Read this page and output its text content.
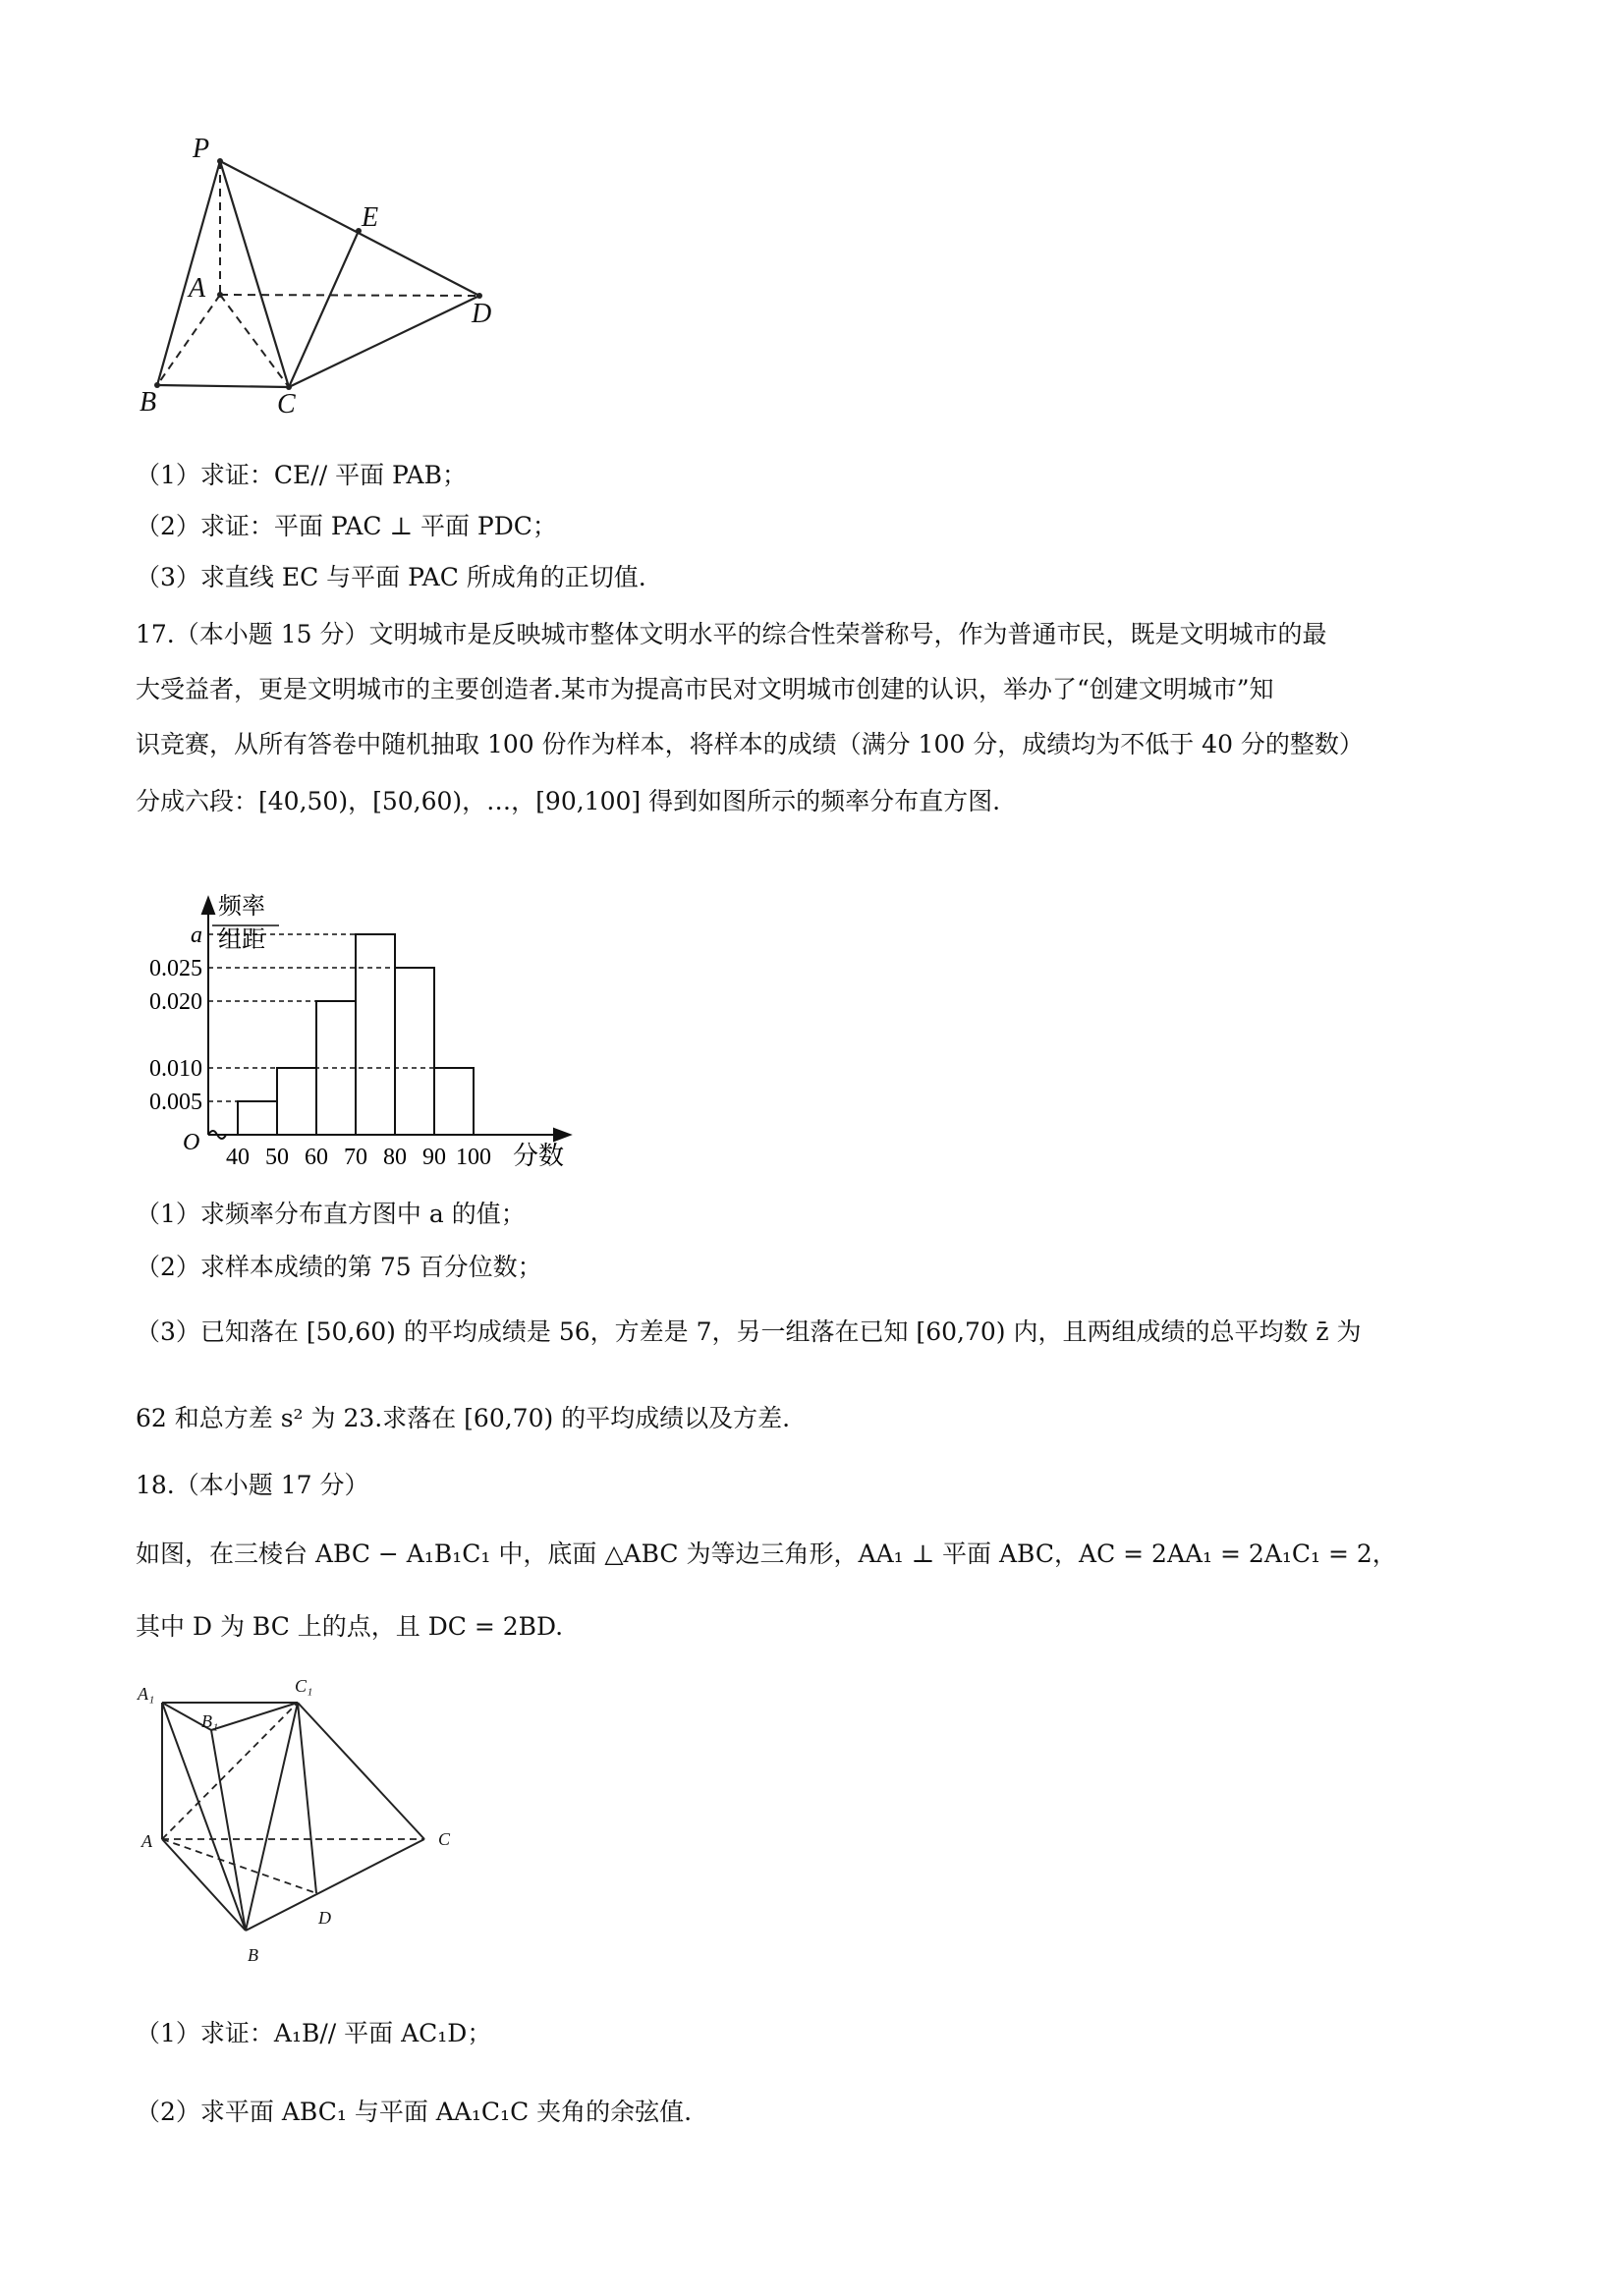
P
E
A
D
B	C
（1）求证：CE// 平面 PAB；
（2）求证：平面 PAC ⊥ 平面 PDC；
（3）求直线 EC 与平面 PAC 所成角的正切值.
17.（本小题 15 分）文明城市是反映城市整体文明水平的综合性荣誉称号，作为普通市民，既是文明城市的最
大受益者，更是文明城市的主要创造者.某市为提高市民对文明城市创建的认识，举办了“创建文明城市”知
识竞赛，从所有答卷中随机抽取 100 份作为样本，将样本的成绩（满分 100 分，成绩均为不低于 40 分的整数）
分成六段：[40,50)，[50,60)，…，[90,100] 得到如图所示的频率分布直方图.
频率
组距
O	分数
a
0.025
0.020
0.010
0.005
40 50 60 70 80 90 100
（1）求频率分布直方图中 a 的值；
（2）求样本成绩的第 75 百分位数；
（3）已知落在 [50,60) 的平均成绩是 56，方差是 7，另一组落在已知 [60,70) 内，且两组成绩的总平均数 z̄ 为
62 和总方差 s² 为 23.求落在 [60,70) 的平均成绩以及方差.
18.（本小题 17 分）
如图，在三棱台 ABC − A₁B₁C₁ 中，底面 △ABC 为等边三角形，AA₁ ⊥ 平面 ABC，AC = 2AA₁ = 2A₁C₁ = 2，
其中 D 为 BC 上的点，且 DC = 2BD.
A₁	C₁
B₁
A	C
D
B
（1）求证：A₁B// 平面 AC₁D；
（2）求平面 ABC₁ 与平面 AA₁C₁C 夹角的余弦值.
